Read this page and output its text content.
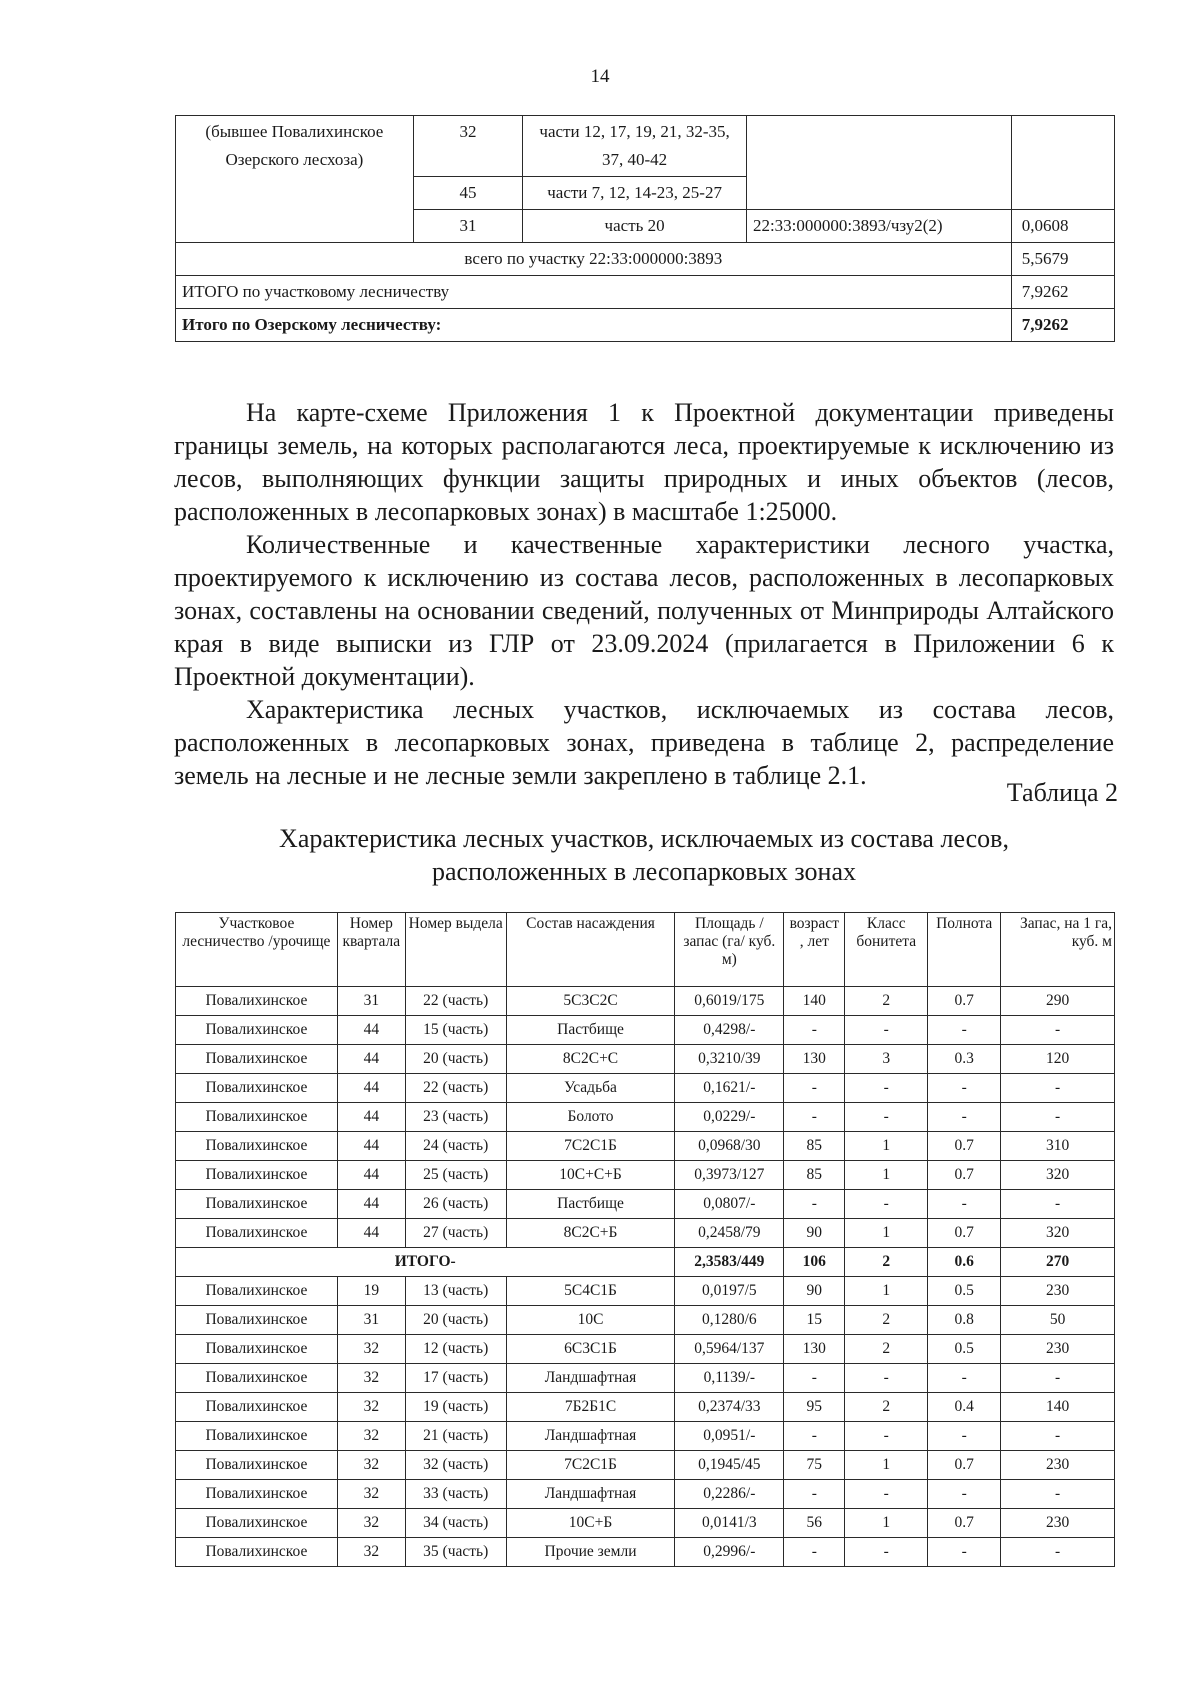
14
(бывшее Повалихинское
Озерского лесхоза)	32	части 12, 17, 19, 21, 32-35, 37, 40-42		
	45	части 7, 12, 14-23, 25-27		
	31	часть 20	22:33:000000:3893/чзу2(2)	0,0608
всего по участку 22:33:000000:3893				5,5679
ИТОГО по участковому лесничеству				7,9262
Итого по Озерскому лесничеству:				7,9262

На карте-схеме Приложения 1 к Проектной документации приведены границы земель, на которых располагаются леса, проектируемые к исключению из лесов, выполняющих функции защиты природных и иных объектов (лесов, расположенных в лесопарковых зонах) в масштабе 1:25000.

Количественные и качественные характеристики лесного участка, проектируемого к исключению из состава лесов, расположенных в лесопарковых зонах, составлены на основании сведений, полученных от Минприроды Алтайского края в виде выписки из ГЛР от 23.09.2024 (прилагается в Приложении 6 к Проектной документации).

Характеристика лесных участков, исключаемых из состава лесов, расположенных в лесопарковых зонах, приведена в таблице 2, распределение земель на лесные и не лесные земли закреплено в таблице 2.1.

Таблица 2
Характеристика лесных участков, исключаемых из состава лесов,
расположенных в лесопарковых зонах
Участковое лесничество /урочище	Номер квартала	Номер выдела	Состав насаждения	Площадь / запас (га/ куб. м)	возраст , лет	Класс бонитета	Полнота	Запас, на 1 га, куб. м
Повалихинское	31	22 (часть)	5С3С2С	0,6019/175	140	2	0.7	290
Повалихинское	44	15 (часть)	Пастбище	0,4298/-	-	-	-	-
Повалихинское	44	20 (часть)	8С2С+С	0,3210/39	130	3	0.3	120
Повалихинское	44	22 (часть)	Усадьба	0,1621/-	-	-	-	-
Повалихинское	44	23 (часть)	Болото	0,0229/-	-	-	-	-
Повалихинское	44	24 (часть)	7С2С1Б	0,0968/30	85	1	0.7	310
Повалихинское	44	25 (часть)	10С+С+Б	0,3973/127	85	1	0.7	320
Повалихинское	44	26 (часть)	Пастбище	0,0807/-	-	-	-	-
Повалихинское	44	27 (часть)	8С2С+Б	0,2458/79	90	1	0.7	320
ИТОГО-				2,3583/449	106	2	0.6	270
Повалихинское	19	13 (часть)	5С4С1Б	0,0197/5	90	1	0.5	230
Повалихинское	31	20 (часть)	10С	0,1280/6	15	2	0.8	50
Повалихинское	32	12 (часть)	6С3С1Б	0,5964/137	130	2	0.5	230
Повалихинское	32	17 (часть)	Ландшафтная	0,1139/-	-	-	-	-
Повалихинское	32	19 (часть)	7Б2Б1С	0,2374/33	95	2	0.4	140
Повалихинское	32	21 (часть)	Ландшафтная	0,0951/-	-	-	-	-
Повалихинское	32	32 (часть)	7С2С1Б	0,1945/45	75	1	0.7	230
Повалихинское	32	33 (часть)	Ландшафтная	0,2286/-	-	-	-	-
Повалихинское	32	34 (часть)	10С+Б	0,0141/3	56	1	0.7	230
Повалихинское	32	35 (часть)	Прочие земли	0,2996/-	-	-	-	-
